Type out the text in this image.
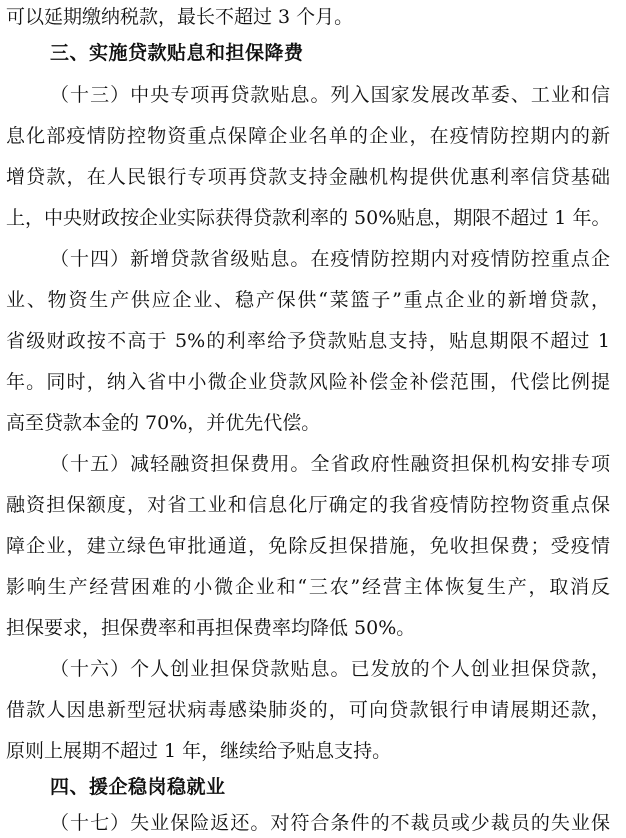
可以延期缴纳税款，最长不超过 3 个月。
三、实施贷款贴息和担保降费
（十三）中央专项再贷款贴息。列入国家发展改革委、工业和信
息化部疫情防控物资重点保障企业名单的企业，在疫情防控期内的新
增贷款，在人民银行专项再贷款支持金融机构提供优惠利率信贷基础
上，中央财政按企业实际获得贷款利率的 50%贴息，期限不超过 1 年。
（十四）新增贷款省级贴息。在疫情防控期内对疫情防控重点企
业、物资生产供应企业、稳产保供“菜篮子”重点企业的新增贷款，
省级财政按不高于 5%的利率给予贷款贴息支持，贴息期限不超过 1
年。同时，纳入省中小微企业贷款风险补偿金补偿范围，代偿比例提
高至贷款本金的 70%，并优先代偿。
（十五）减轻融资担保费用。全省政府性融资担保机构安排专项
融资担保额度，对省工业和信息化厅确定的我省疫情防控物资重点保
障企业，建立绿色审批通道，免除反担保措施，免收担保费；受疫情
影响生产经营困难的小微企业和“三农”经营主体恢复生产，取消反
担保要求，担保费率和再担保费率均降低 50%。
（十六）个人创业担保贷款贴息。已发放的个人创业担保贷款，
借款人因患新型冠状病毒感染肺炎的，可向贷款银行申请展期还款，
原则上展期不超过 1 年，继续给予贴息支持。
四、援企稳岗稳就业
（十七）失业保险返还。对符合条件的不裁员或少裁员的失业保
